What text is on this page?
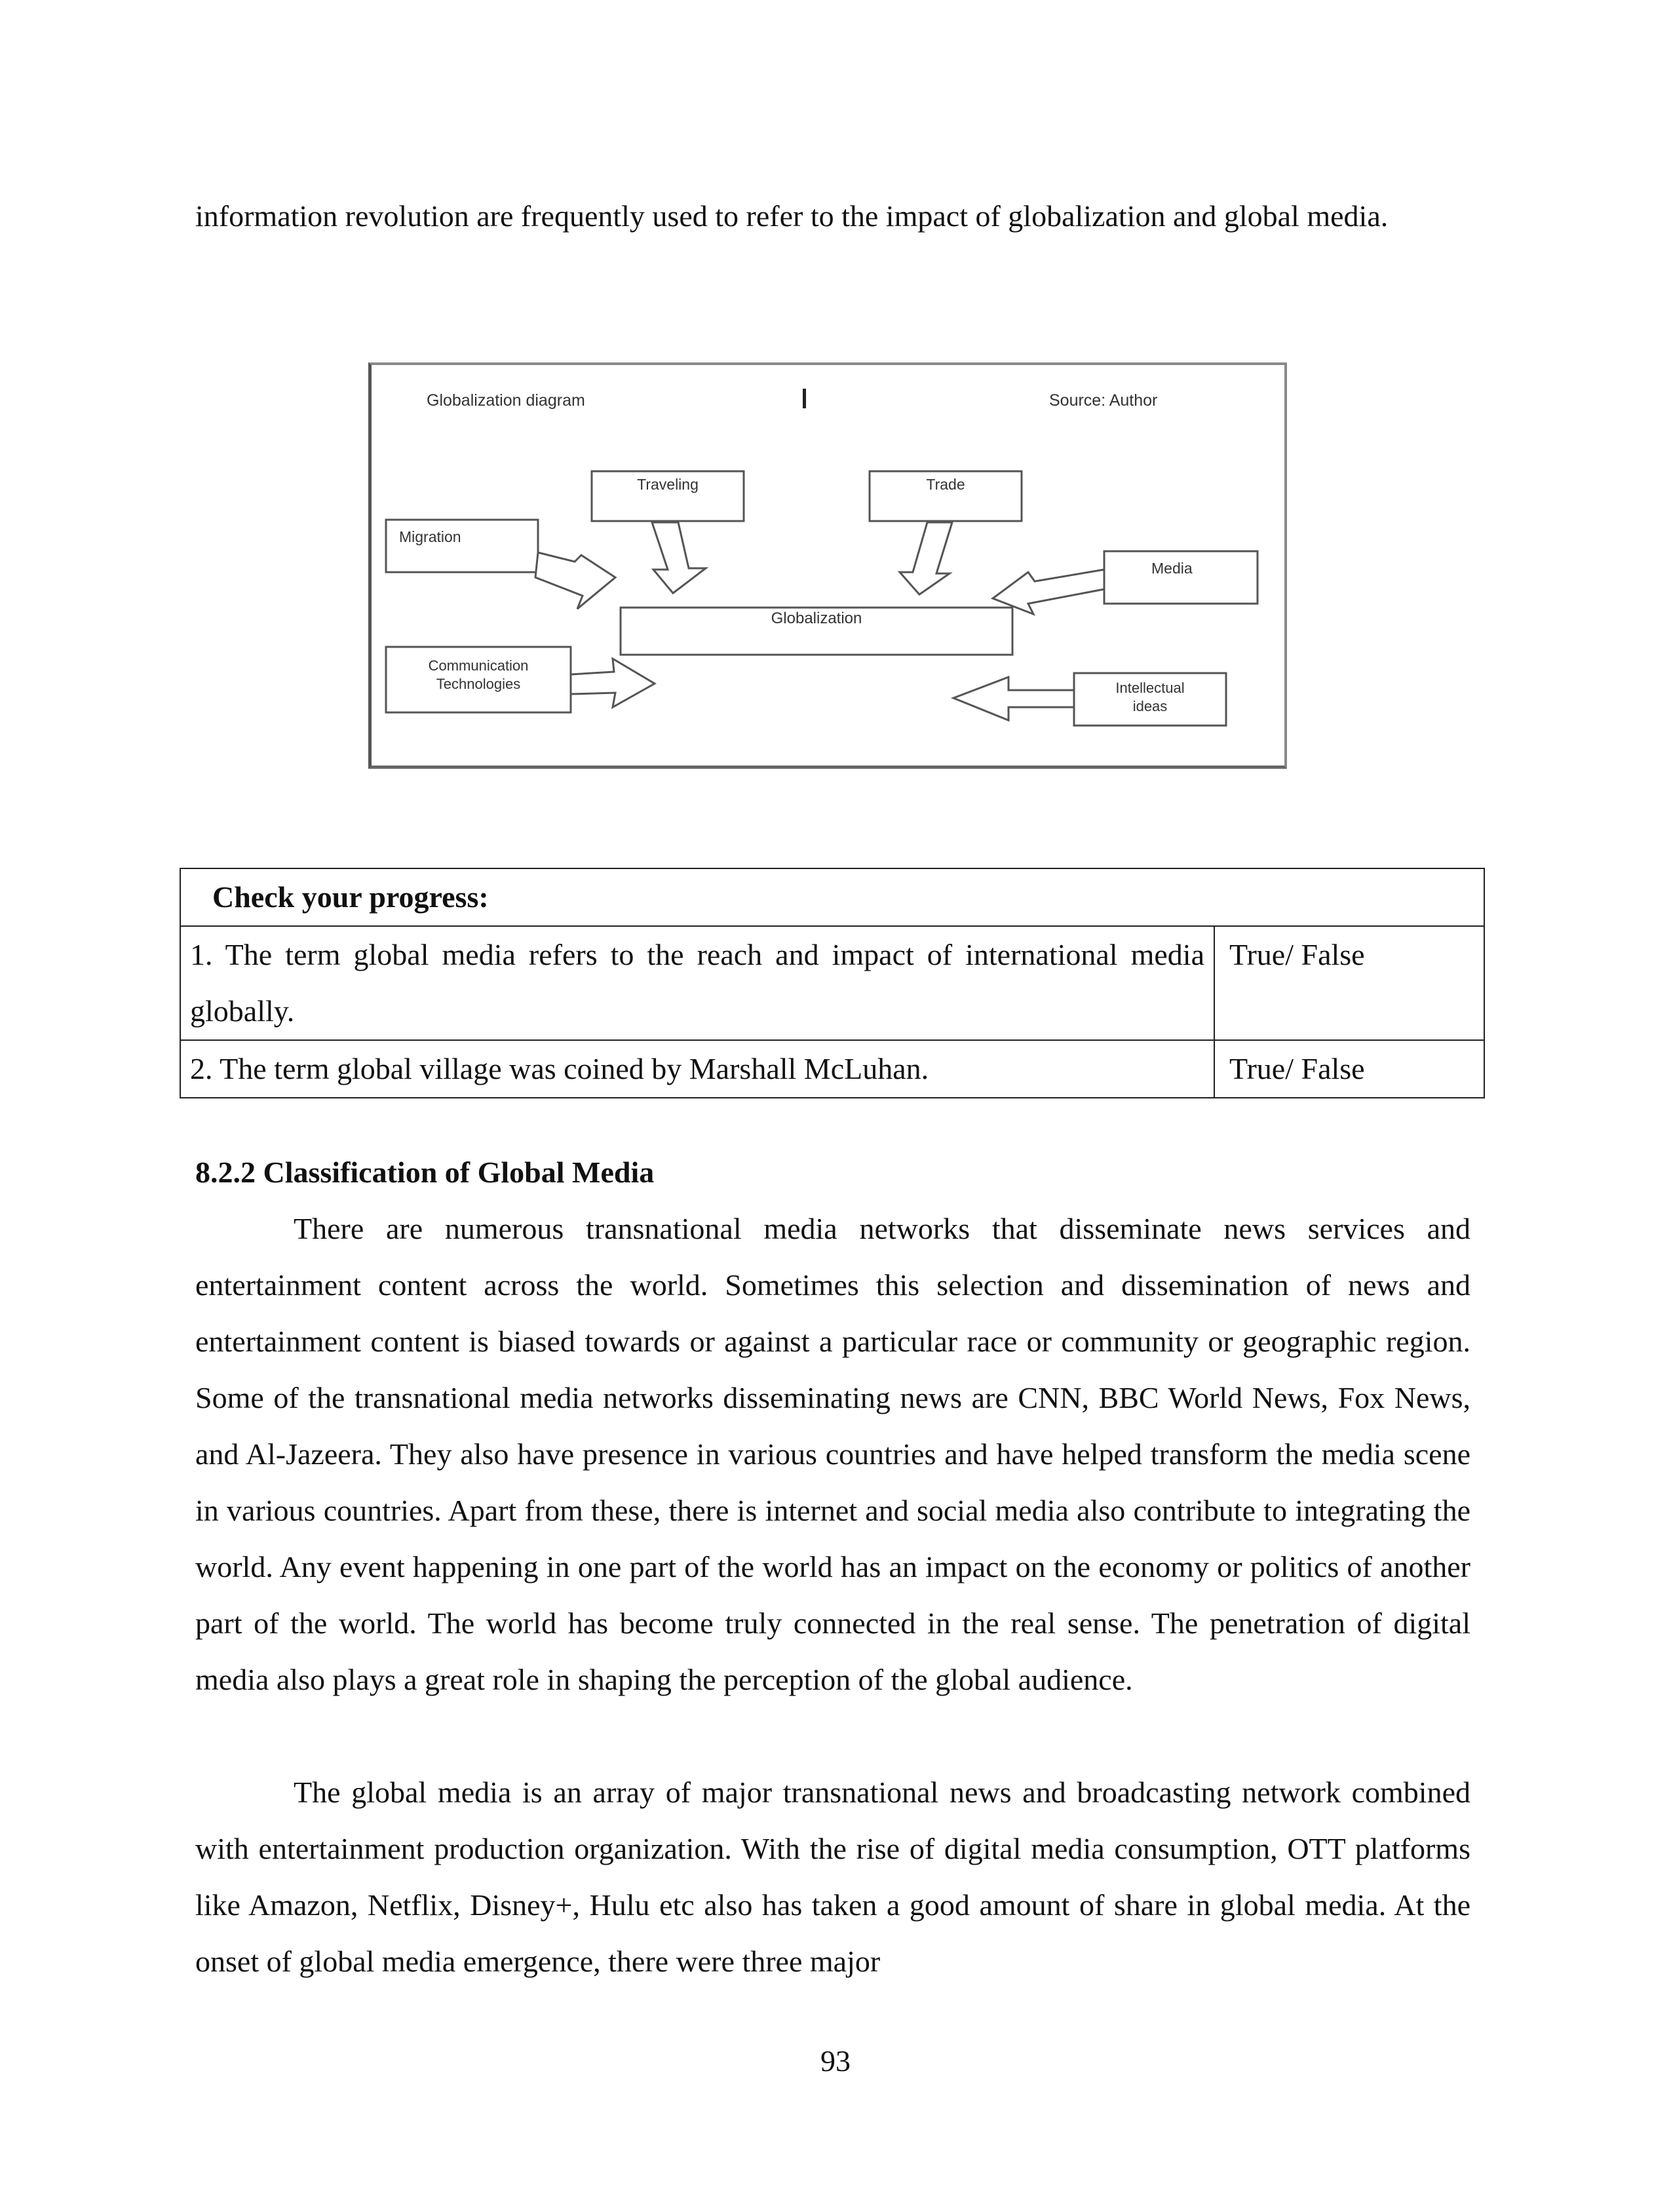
information revolution are frequently used to refer to the impact of globalization and global media.

Globalization diagram	Source: Author
Globalization
Traveling	Trade
Migration
Media
Communication
Technologies	Intellectual
ideas
Check your progress:	
1. The term global media refers to the reach and impact of international media globally.	True/ False
2. The term global village was coined by Marshall McLuhan.	True/ False
8.2.2 Classification of Global Media

There are numerous transnational media networks that disseminate news services and entertainment content across the world. Sometimes this selection and dissemination of news and entertainment content is biased towards or against a particular race or community or geographic region. Some of the transnational media networks disseminating news are CNN, BBC World News, Fox News, and Al-Jazeera. They also have presence in various countries and have helped transform the media scene in various countries. Apart from these, there is internet and social media also contribute to integrating the world. Any event happening in one part of the world has an impact on the economy or politics of another part of the world. The world has become truly connected in the real sense. The penetration of digital media also plays a great role in shaping the perception of the global audience.

The global media is an array of major transnational news and broadcasting network combined with entertainment production organization. With the rise of digital media consumption, OTT platforms like Amazon, Netflix, Disney+, Hulu etc also has taken a good amount of share in global media. At the onset of global media emergence, there were three major

93
